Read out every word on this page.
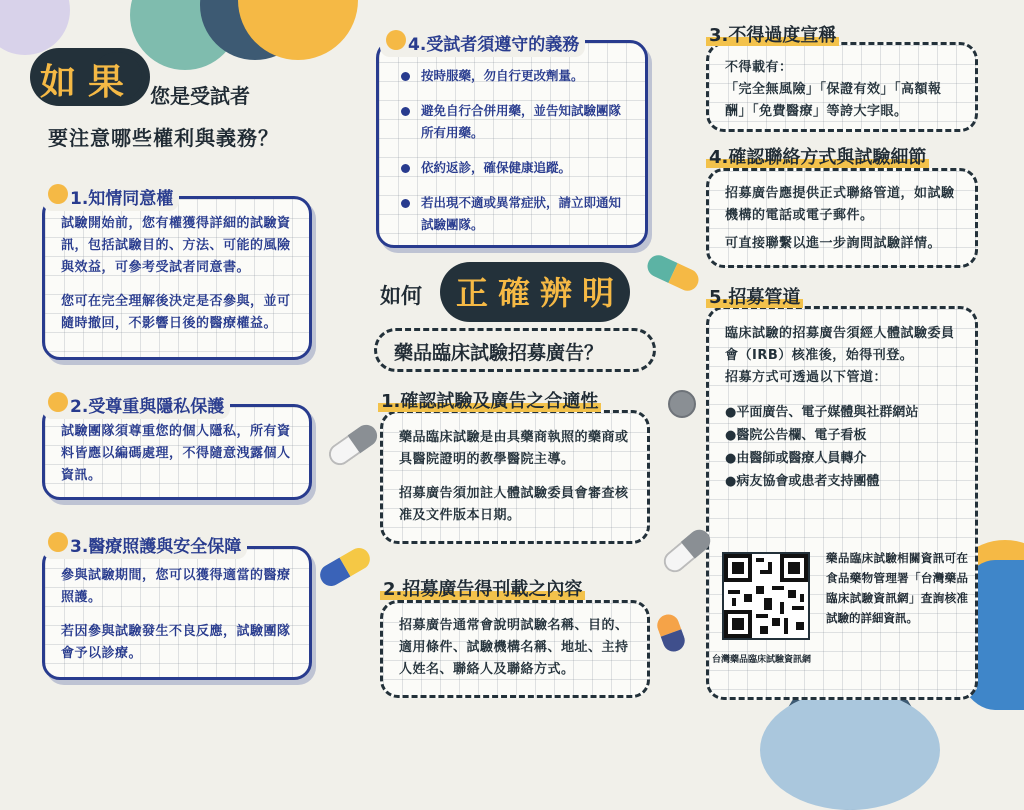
如果 您是受試者
要注意哪些權利與義務？

試驗開始前，您有權獲得詳細的試驗資訊，包括試驗目的、方法、可能的風險與效益，可參考受試者同意書。

您可在完全理解後決定是否參與，並可隨時撤回，不影響日後的醫療權益。

1.知情同意權

試驗團隊須尊重您的個人隱私，所有資料皆應以編碼處理，不得隨意洩露個人資訊。

2.受尊重與隱私保護

參與試驗期間，您可以獲得適當的醫療照護。

若因參與試驗發生不良反應，試驗團隊會予以診療。

3.醫療照護與安全保障
按時服藥，勿自行更改劑量。
避免自行合併用藥，並告知試驗團隊所有用藥。
依約返診，確保健康追蹤。
若出現不適或異常症狀，請立即通知試驗團隊。
4.受試者須遵守的義務
如何 正確辨明
藥品臨床試驗招募廣告？

藥品臨床試驗是由具藥商執照的藥商或具醫院證明的教學醫院主導。

招募廣告須加註人體試驗委員會審查核准及文件版本日期。

1.確認試驗及廣告之合適性

招募廣告通常會說明試驗名稱、目的、適用條件、試驗機構名稱、地址、主持人姓名、聯絡人及聯絡方式。

2.招募廣告得刊載之內容

不得載有：

「完全無風險」「保證有效」「高額報酬」「免費醫療」等誇大字眼。

3.不得過度宣稱

招募廣告應提供正式聯絡管道，如試驗機構的電話或電子郵件。

可直接聯繫以進一步詢問試驗詳情。

4.確認聯絡方式與試驗細節

臨床試驗的招募廣告須經人體試驗委員會（IRB）核准後，始得刊登。

招募方式可透過以下管道：

●平面廣告、電子媒體與社群網站
●醫院公告欄、電子看板
●由醫師或醫療人員轉介
●病友協會或患者支持團體
5.招募管道
台灣藥品臨床試驗資訊網
藥品臨床試驗相關資訊可在食品藥物管理署「台灣藥品臨床試驗資訊網」查詢核准試驗的詳細資訊。
